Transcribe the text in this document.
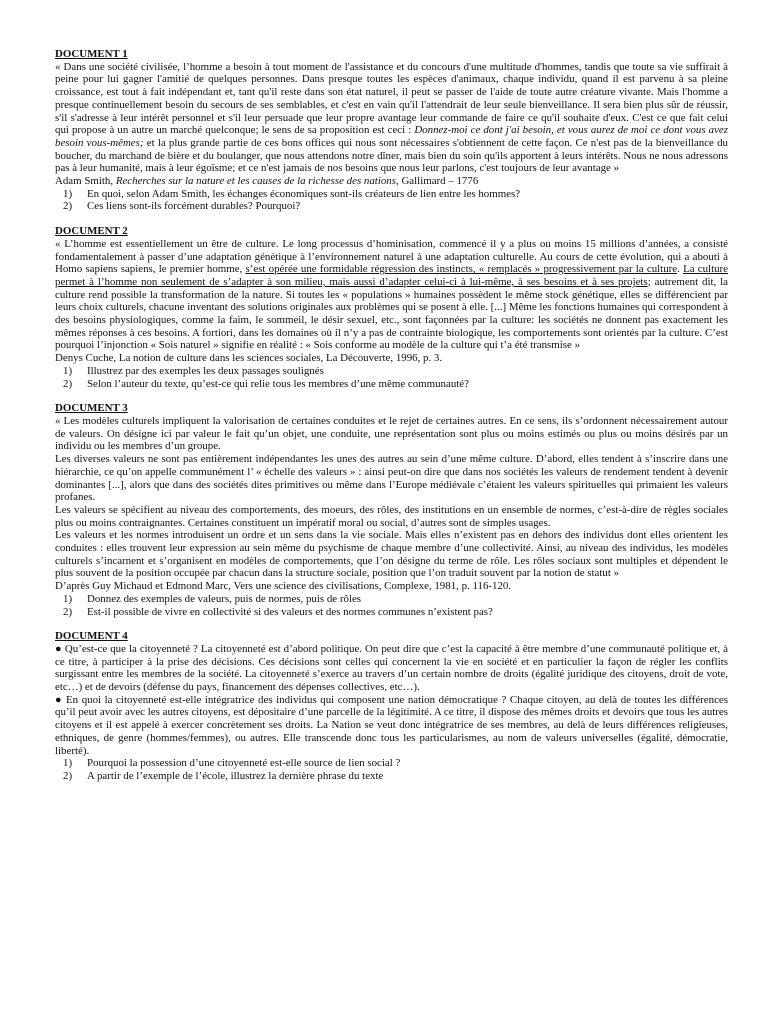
DOCUMENT 1

« Dans une société civilisée, l’homme a besoin à tout moment de l'assistance et du concours d'une multitude d'hommes, tandis que toute sa vie suffirait à peine pour lui gagner l'amitié de quelques personnes. Dans presque toutes les espèces d'animaux, chaque individu, quand il est parvenu à sa pleine croissance, est tout à fait indépendant et, tant qu'il reste dans son état naturel, il peut se passer de l'aide de toute autre créature vivante. Mais l'homme a presque continuellement besoin du secours de ses semblables, et c'est en vain qu'il l'attendrait de leur seule bienveillance. Il sera bien plus sûr de réussir, s'il s'adresse à leur intérêt personnel et s'il leur persuade que leur propre avantage leur commande de faire ce qu'il souhaite d'eux. C'est ce que fait celui qui propose à un autre un marché quelconque; le sens de sa proposition est ceci : Donnez-moi ce dont j'ai besoin, et vous aurez de moi ce dont vous avez besoin vous-mêmes; et la plus grande partie de ces bons offices qui nous sont nécessaires s'obtiennent de cette façon. Ce n'est pas de la bienveillance du boucher, du marchand de bière et du boulanger, que nous attendons notre dîner, mais bien du soin qu'ils apportent à leurs intérêts. Nous ne nous adressons pas à leur humanité, mais à leur égoïsme; et ce n'est jamais de nos besoins que nous leur parlons, c'est toujours de leur avantage »

Adam Smith, Recherches sur la nature et les causes de la richesse des nations, Gallimard – 1776

1) En quoi, selon Adam Smith, les échanges économiques sont-ils créateurs de lien entre les hommes?
2) Ces liens sont-ils forcément durables? Pourquoi?
DOCUMENT 2

« L’homme est essentiellement un être de culture. Le long processus d’hominisation, commencé il y a plus ou moins 15 millions d’années, a consisté fondamentalement à passer d’une adaptation génétique à l’environnement naturel à une adaptation culturelle. Au cours de cette évolution, qui a abouti à Homo sapiens sapiens, le premier homme, s’est opérée une formidable régression des instincts, « remplacés » progressivement par la culture. La culture permet à l’homme non seulement de s’adapter à son milieu, mais aussi d’adapter celui-ci à lui-même, à ses besoins et à ses projets; autrement dit, la culture rend possible la transformation de la nature. Si toutes les « populations » humaines possèdent le même stock génétique, elles se différencient par leurs choix culturels, chacune inventant des solutions originales aux problèmes qui se posent à elle. [...] Même les fonctions humaines qui correspondent à des besoins physiologiques, comme la faim, le sommeil, le désir sexuel, etc., sont façonnées par la culture: les sociétés ne donnent pas exactement les mêmes réponses à ces besoins. A fortiori, dans les domaines où il n’y a pas de contrainte biologique, les comportements sont orientés par la culture. C’est pourquoi l’injonction « Sois naturel » signifie en réalité : « Sois conforme au modèle de la culture qui t’a été transmise »

Denys Cuche, La notion de culture dans les sciences sociales, La Découverte, 1996, p. 3.

1) Illustrez par des exemples les deux passages soulignés
2) Selon l’auteur du texte, qu’est-ce qui relie tous les membres d’une même communauté?
DOCUMENT 3

« Les modèles culturels impliquent la valorisation de certaines conduites et le rejet de certaines autres. En ce sens, ils s’ordonnent nécessairement autour de valeurs. On désigne ici par valeur le fait qu’un objet, une conduite, une représentation sont plus ou moins estimés ou plus ou moins désirés par un individu ou les membres d’un groupe.

Les diverses valeurs ne sont pas entièrement indépendantes les unes des autres au sein d’une même culture. D’abord, elles tendent à s’inscrire dans une hiérarchie, ce qu’on appelle communément l’ « échelle des valeurs » : ainsi peut-on dire que dans nos sociétés les valeurs de rendement tendent à devenir dominantes [...], alors que dans des sociétés dites primitives ou même dans l’Europe médiévale c’étaient les valeurs spirituelles qui primaient les valeurs profanes.

Les valeurs se spécifient au niveau des comportements, des moeurs, des rôles, des institutions en un ensemble de normes, c’est-à-dire de règles sociales plus ou moins contraignantes. Certaines constituent un impératif moral ou social, d’autres sont de simples usages.

Les valeurs et les normes introduisent un ordre et un sens dans la vie sociale. Mais elles n’existent pas en dehors des individus dont elles orientent les conduites : elles trouvent leur expression au sein même du psychisme de chaque membre d’une collectivité. Ainsi, au niveau des individus, les modèles culturels s’incarnent et s’organisent en modèles de comportements, que l’on désigne du terme de rôle. Les rôles sociaux sont multiples et dépendent le plus souvent de la position occupée par chacun dans la structure sociale, position que l’on traduit souvent par la notion de statut »

D’après Guy Michaud et Edmond Marc, Vers une science des civilisations, Complexe, 1981, p. 116-120.

1) Donnez des exemples de valeurs, puis de normes, puis de rôles
2) Est-il possible de vivre en collectivité si des valeurs et des normes communes n’existent pas?
DOCUMENT 4

● Qu’est-ce que la citoyenneté ? La citoyenneté est d’abord politique. On peut dire que c’est la capacité à être membre d’une communauté politique et, à ce titre, à participer à la prise des décisions. Ces décisions sont celles qui concernent la vie en société et en particulier la façon de régler les conflits surgissant entre les membres de la société. La citoyenneté s’exerce au travers d’un certain nombre de droits (égalité juridique des citoyens, droit de vote, etc…) et de devoirs (défense du pays, financement des dépenses collectives, etc…).

● En quoi la citoyenneté est-elle intégratrice des individus qui composent une nation démocratique ? Chaque citoyen, au delà de toutes les différences qu’il peut avoir avec les autres citoyens, est dépositaire d’une parcelle de la légitimité. A ce titre, il dispose des mêmes droits et devoirs que tous les autres citoyens et il est appelé à exercer concrètement ses droits. La Nation se veut donc intégratrice de ses membres, au delà de leurs différences religieuses, ethniques, de genre (hommes/femmes), ou autres. Elle transcende donc tous les particularismes, au nom de valeurs universelles (égalité, démocratie, liberté).

1) Pourquoi la possession d’une citoyenneté est-elle source de lien social ?
2) A partir de l’exemple de l’école, illustrez la dernière phrase du texte
